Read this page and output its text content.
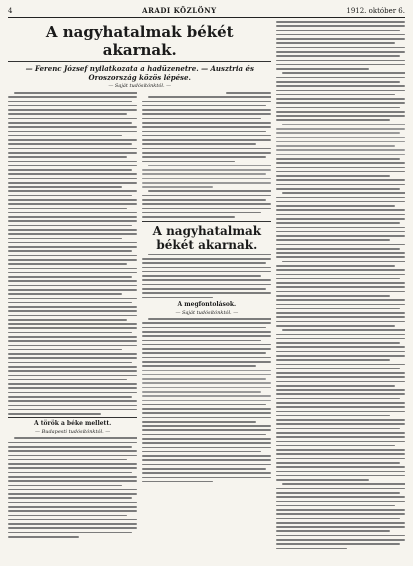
4	ARADI KÖZLÖNY	1912. október 6.
A nagyhatalmak békét akarnak.
— Ferenc József nyilatkozata a hadüzenetre. — Ausztria és Oroszország közös lépése.
— Saját tudósítónktól. —
A török a béke mellett.
— Budapesti tudósítónktól. —
A nagyhatalmak békét akarnak.
A megfontolások.
— Saját tudósítónktól. —
